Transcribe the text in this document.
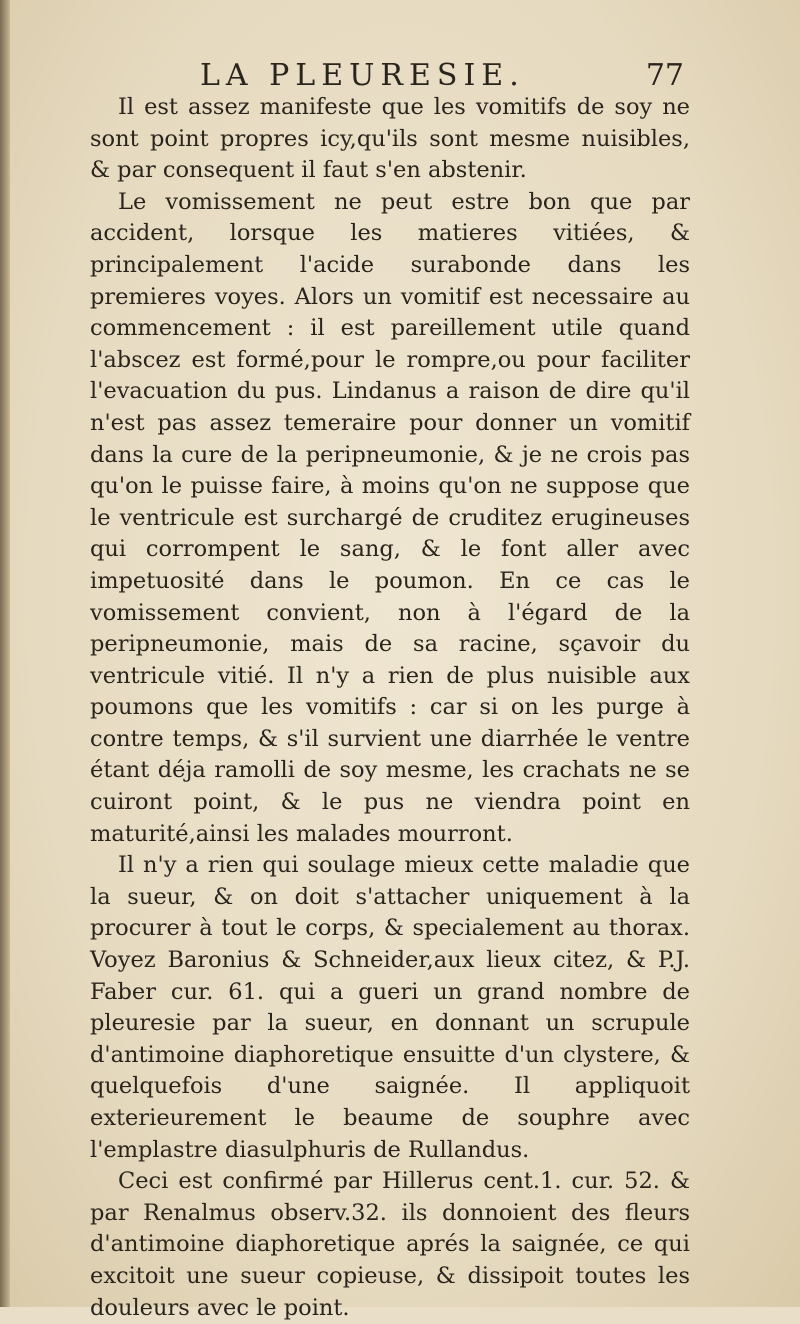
LA PLEURESIE.	77

Il est assez manifeste que les vomitifs de soy ne sont point propres icy,qu'ils sont mesme nuisibles, & par consequent il faut s'en abstenir.

Le vomissement ne peut estre bon que par accident, lorsque les matieres vitiées, & principalement l'acide surabonde dans les premieres voyes. Alors un vomitif est necessaire au commencement : il est pareillement utile quand l'abscez est formé,pour le rompre,ou pour faciliter l'evacuation du pus. Lindanus a raison de dire qu'il n'est pas assez temeraire pour donner un vomitif dans la cure de la peripneumonie, & je ne crois pas qu'on le puisse faire, à moins qu'on ne suppose que le ventricule est surchargé de cruditez erugineuses qui corrompent le sang, & le font aller avec impetuosité dans le poumon. En ce cas le vomissement convient, non à l'égard de la peripneumonie, mais de sa racine, sçavoir du ventricule vitié. Il n'y a rien de plus nuisible aux poumons que les vomitifs : car si on les purge à contre temps, & s'il survient une diarrhée le ventre étant déja ramolli de soy mesme, les crachats ne se cuiront point, & le pus ne viendra point en maturité,ainsi les malades mourront.

Il n'y a rien qui soulage mieux cette maladie que la sueur, & on doit s'attacher uniquement à la procurer à tout le corps, & specialement au thorax. Voyez Baronius & Schneider,aux lieux citez, & P.J. Faber cur. 61. qui a gueri un grand nombre de pleuresie par la sueur, en donnant un scrupule d'antimoine diaphoretique ensuitte d'un clystere, & quelquefois d'une saignée. Il appliquoit exterieurement le beaume de souphre avec l'emplastre diasulphuris de Rullandus.

Ceci est confirmé par Hillerus cent.1. cur. 52. & par Renalmus observ.32. ils donnoient des fleurs d'antimoine diaphoretique aprés la saignée, ce qui excitoit une sueur copieuse, & dissipoit toutes les douleurs avec le point.
